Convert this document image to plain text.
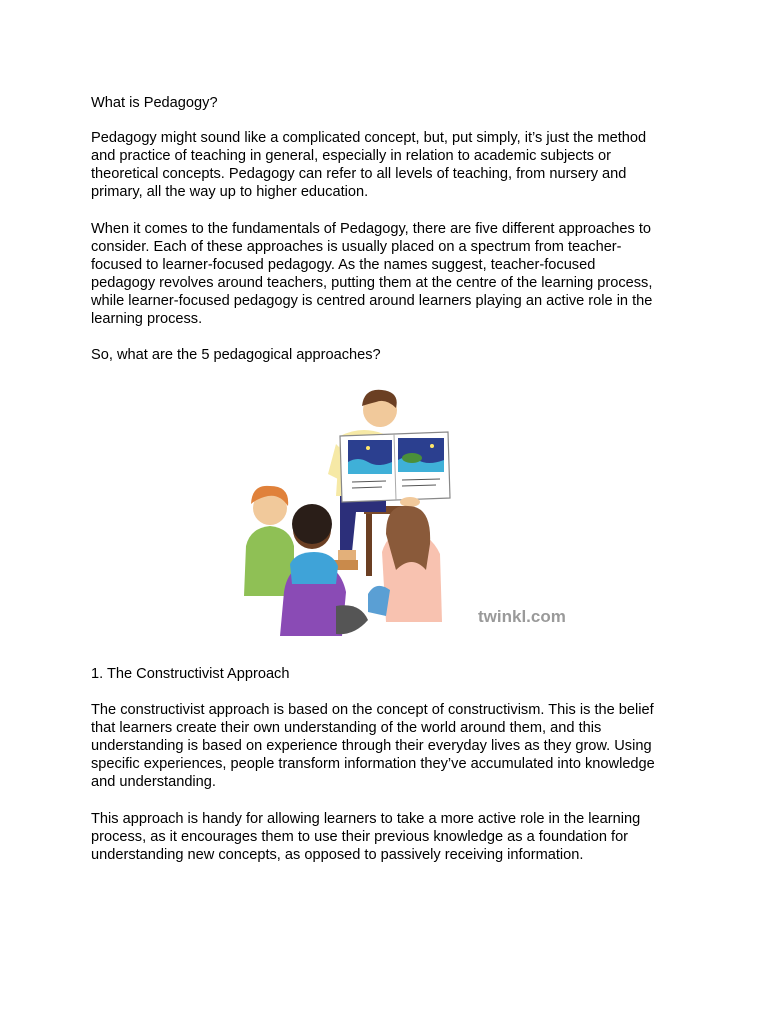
What is Pedagogy?

Pedagogy might sound like a complicated concept, but, put simply, it’s just the method
and practice of teaching in general, especially in relation to academic subjects or
theoretical concepts. Pedagogy can refer to all levels of teaching, from nursery and
primary, all the way up to higher education.

When it comes to the fundamentals of Pedagogy, there are five different approaches to
consider. Each of these approaches is usually placed on a spectrum from teacher-
focused to learner-focused pedagogy. As the names suggest, teacher-focused
pedagogy revolves around teachers, putting them at the centre of the learning process,
while learner-focused pedagogy is centred around learners playing an active role in the
learning process.

So, what are the 5 pedagogical approaches?

twinkl.com

1. The Constructivist Approach

The constructivist approach is based on the concept of constructivism. This is the belief
that learners create their own understanding of the world around them, and this
understanding is based on experience through their everyday lives as they grow. Using
specific experiences, people transform information they’ve accumulated into knowledge
and understanding.

This approach is handy for allowing learners to take a more active role in the learning
process, as it encourages them to use their previous knowledge as a foundation for
understanding new concepts, as opposed to passively receiving information.
